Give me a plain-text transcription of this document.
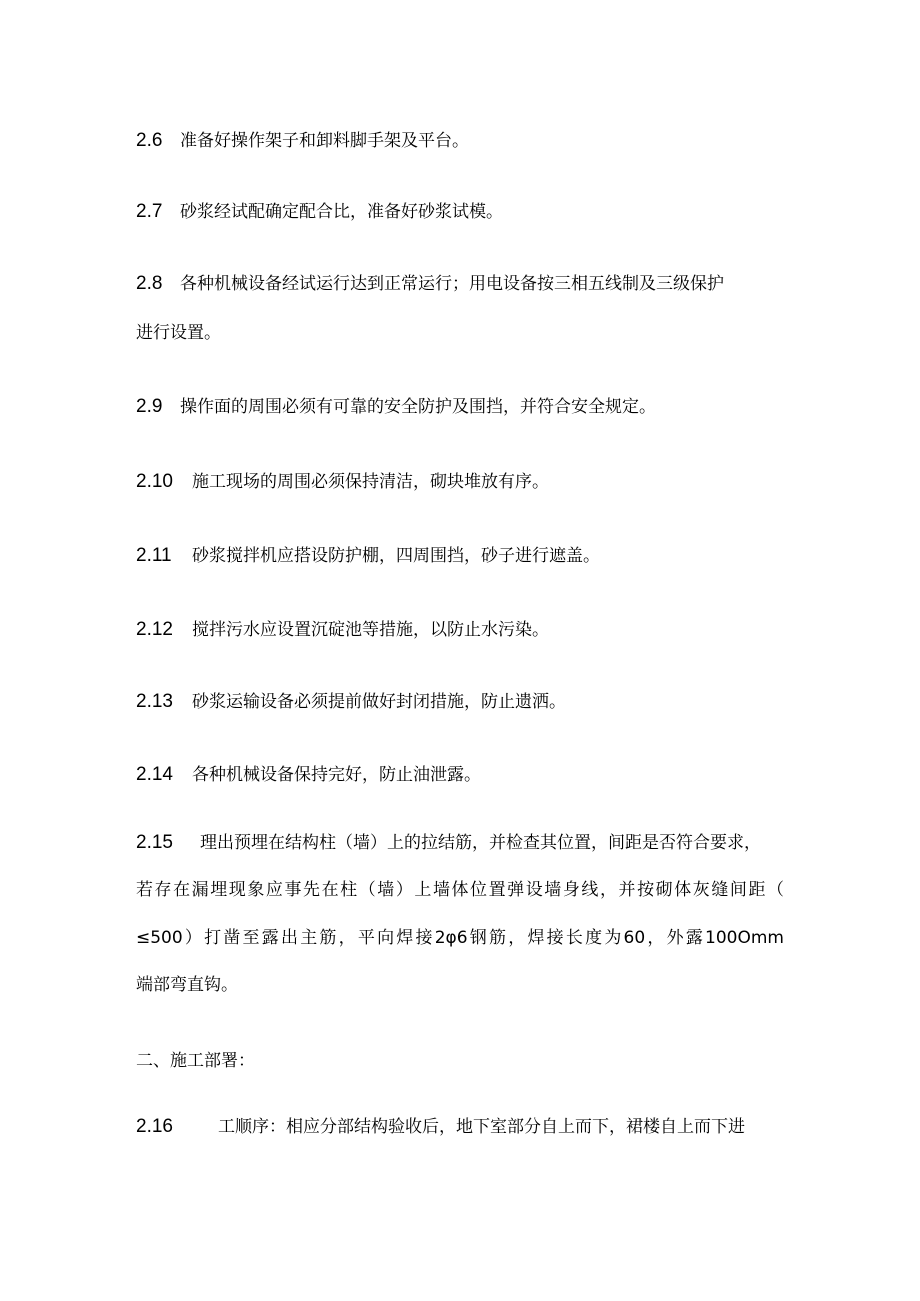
2.6 准备好操作架子和卸料脚手架及平台。
2.7 砂浆经试配确定配合比，准备好砂浆试模。
2.8 各种机械设备经试运行达到正常运行；用电设备按三相五线制及三级保护
进行设置。
2.9 操作面的周围必须有可靠的安全防护及围挡，并符合安全规定。
2.10 施工现场的周围必须保持清洁，砌块堆放有序。
2.11 砂浆搅拌机应搭设防护棚，四周围挡，砂子进行遮盖。
2.12 搅拌污水应设置沉碇池等措施，以防止水污染。
2.13 砂浆运输设备必须提前做好封闭措施，防止遗洒。
2.14 各种机械设备保持完好，防止油泄露。
2.15 理出预埋在结构柱（墙）上的拉结筋，并检查其位置，间距是否符合要求，
若存在漏埋现象应事先在柱（墙）上墙体位置弹设墙身线，并按砌体灰缝间距（
≤500）打凿至露出主筋，平向焊接2φ6钢筋，焊接长度为60，外露100Omm
端部弯直钩。
二、施工部署：
2.16	工顺序：相应分部结构验收后，地下室部分自上而下，裙楼自上而下进
